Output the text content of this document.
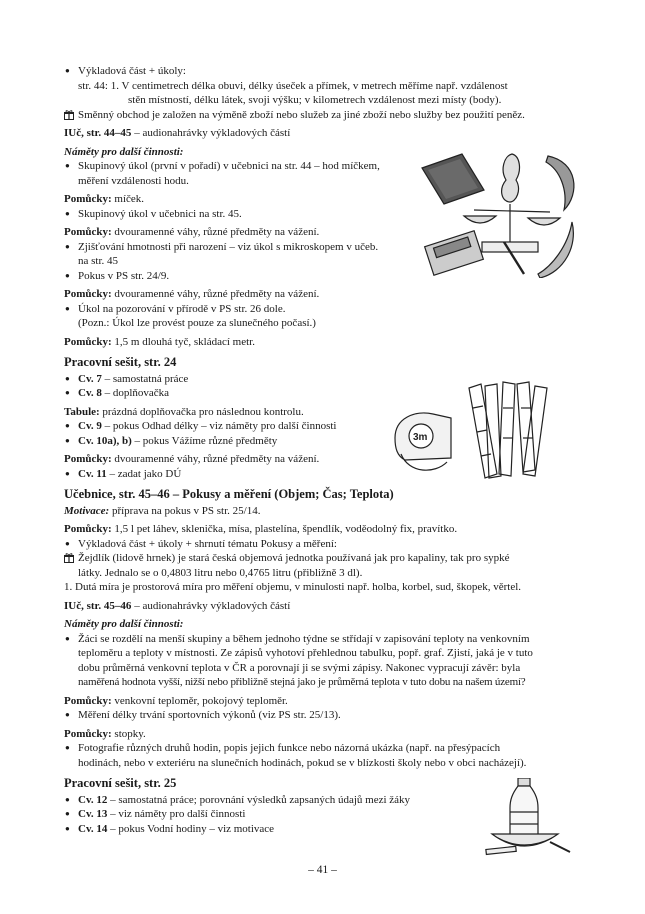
● Výkladová část + úkoly:
str. 44: 1. V centimetrech délka obuvi, délky úseček a přímek, v metrech měříme např. vzdálenost
stěn místností, délku látek, svoji výšku; v kilometrech vzdálenost mezi místy (body).
Směnný obchod je založen na výměně zboží nebo služeb za jiné zboží nebo služby bez použití peněz.
IUč, str. 44–45 – audionahrávky výkladových částí
Náměty pro další činnosti:
● Skupinový úkol (první v pořadí) v učebnici na str. 44 – hod míčkem,
měření vzdálenosti hodu.
Pomůcky: míček.
● Skupinový úkol v učebnici na str. 45.
Pomůcky: dvouramenné váhy, různé předměty na vážení.
● Zjišťování hmotnosti při narození – viz úkol s mikroskopem v učeb.
na str. 45
● Pokus v PS str. 24/9.
Pomůcky: dvouramenné váhy, různé předměty na vážení.
● Úkol na pozorování v přírodě v PS str. 26 dole.
(Pozn.: Úkol lze provést pouze za slunečného počasí.)
Pomůcky: 1,5 m dlouhá tyč, skládací metr.
Pracovní sešit, str. 24
● Cv. 7 – samostatná práce
● Cv. 8 – doplňovačka
Tabule: prázdná doplňovačka pro následnou kontrolu.
● Cv. 9 – pokus Odhad délky – viz náměty pro další činnosti
● Cv. 10a), b) – pokus Vážíme různé předměty
Pomůcky: dvouramenné váhy, různé předměty na vážení.
● Cv. 11 – zadat jako DÚ
Učebnice, str. 45–46 – Pokusy a měření (Objem; Čas; Teplota)
Motivace: příprava na pokus v PS str. 25/14.
Pomůcky: 1,5 l pet láhev, sklenička, mísa, plastelína, špendlík, voděodolný fix, pravítko.
● Výkladová část + úkoly + shrnutí tématu Pokusy a měření:
Žejdlík (lidově hrnek) je stará česká objemová jednotka používaná jak pro kapaliny, tak pro sypké
látky. Jednalo se o 0,4803 litru nebo 0,4765 litru (přibližně 3 dl).
1. Dutá míra je prostorová míra pro měření objemu, v minulosti např. holba, korbel, sud, škopek, věrtel.
IUč, str. 45–46 – audionahrávky výkladových částí
Náměty pro další činnosti:
● Žáci se rozdělí na menší skupiny a během jednoho týdne se střídají v zapisování teploty na venkovním
teploměru a teploty v místnosti. Ze zápisů vyhotoví přehlednou tabulku, popř. graf. Zjistí, jaká je v tuto
dobu průměrná venkovní teplota v ČR a porovnají ji se svými zápisy. Nakonec vypracují závěr: byla
naměřená hodnota vyšší, nižší nebo přibližně stejná jako je průměrná teplota v tuto dobu na našem území?
Pomůcky: venkovní teploměr, pokojový teploměr.
● Měření délky trvání sportovních výkonů (viz PS str. 25/13).
Pomůcky: stopky.
● Fotografie různých druhů hodin, popis jejich funkce nebo názorná ukázka (např. na přesýpacích
hodinách, nebo v exteriéru na slunečních hodinách, pokud se v blízkosti školy nebo v obci nacházejí).
Pracovní sešit, str. 25
● Cv. 12 – samostatná práce; porovnání výsledků zapsaných údajů mezi žáky
● Cv. 13 – viz náměty pro další činnosti
● Cv. 14 – pokus Vodní hodiny – viz motivace
3m
– 41 –
